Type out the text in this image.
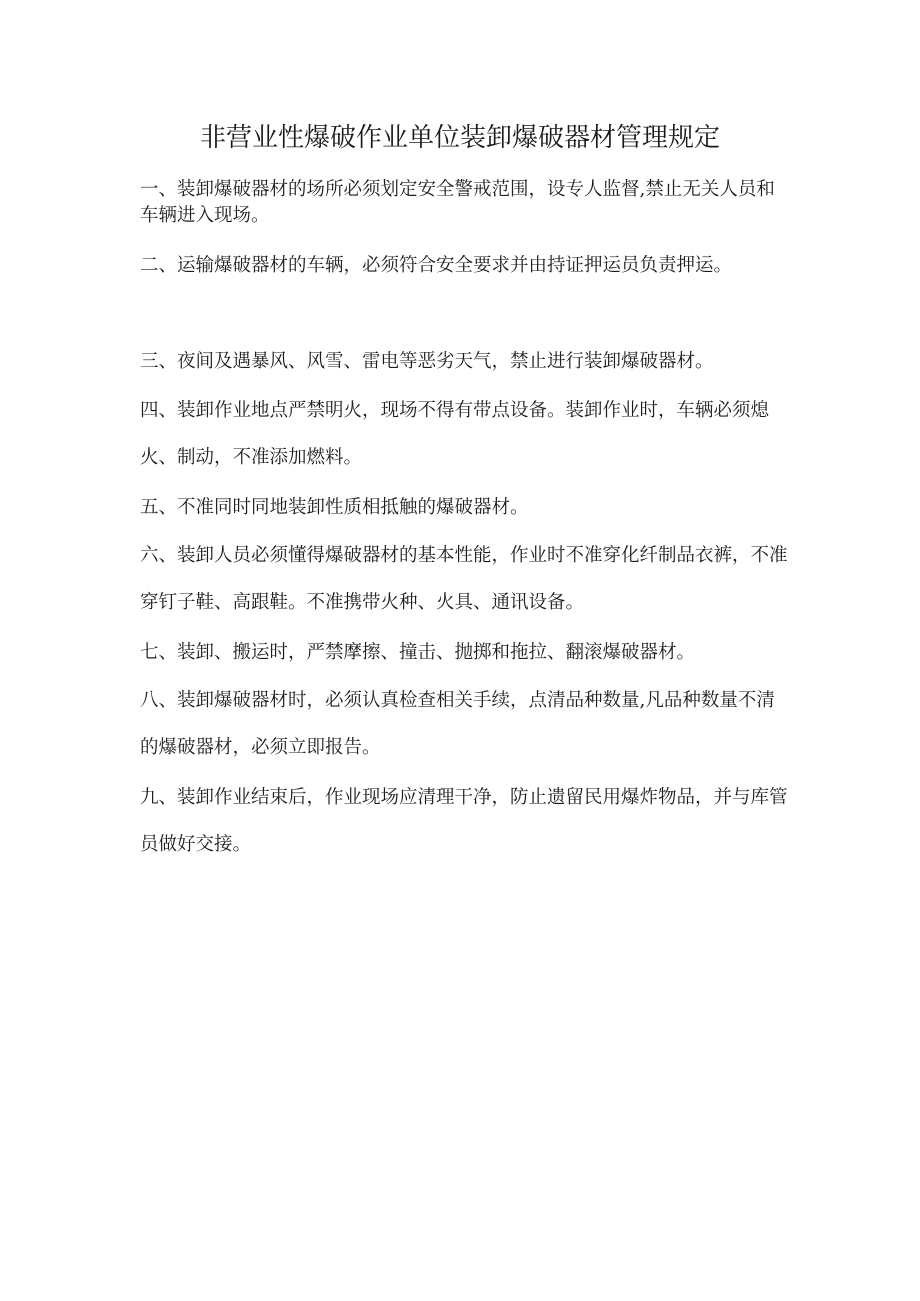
非营业性爆破作业单位装卸爆破器材管理规定

一、装卸爆破器材的场所必须划定安全警戒范围，设专人监督,禁止无关人员和车辆进入现场。

二、运输爆破器材的车辆，必须符合安全要求并由持证押运员负责押运。

三、夜间及遇暴风、风雪、雷电等恶劣天气，禁止进行装卸爆破器材。

四、装卸作业地点严禁明火，现场不得有带点设备。装卸作业时，车辆必须熄火、制动，不准添加燃料。

五、不准同时同地装卸性质相抵触的爆破器材。

六、装卸人员必须懂得爆破器材的基本性能，作业时不准穿化纤制品衣裤，不准穿钉子鞋、高跟鞋。不准携带火种、火具、通讯设备。

七、装卸、搬运时，严禁摩擦、撞击、抛掷和拖拉、翻滚爆破器材。

八、装卸爆破器材时，必须认真检查相关手续，点清品种数量,凡品种数量不清的爆破器材，必须立即报告。

九、装卸作业结束后，作业现场应清理干净，防止遗留民用爆炸物品，并与库管员做好交接。
